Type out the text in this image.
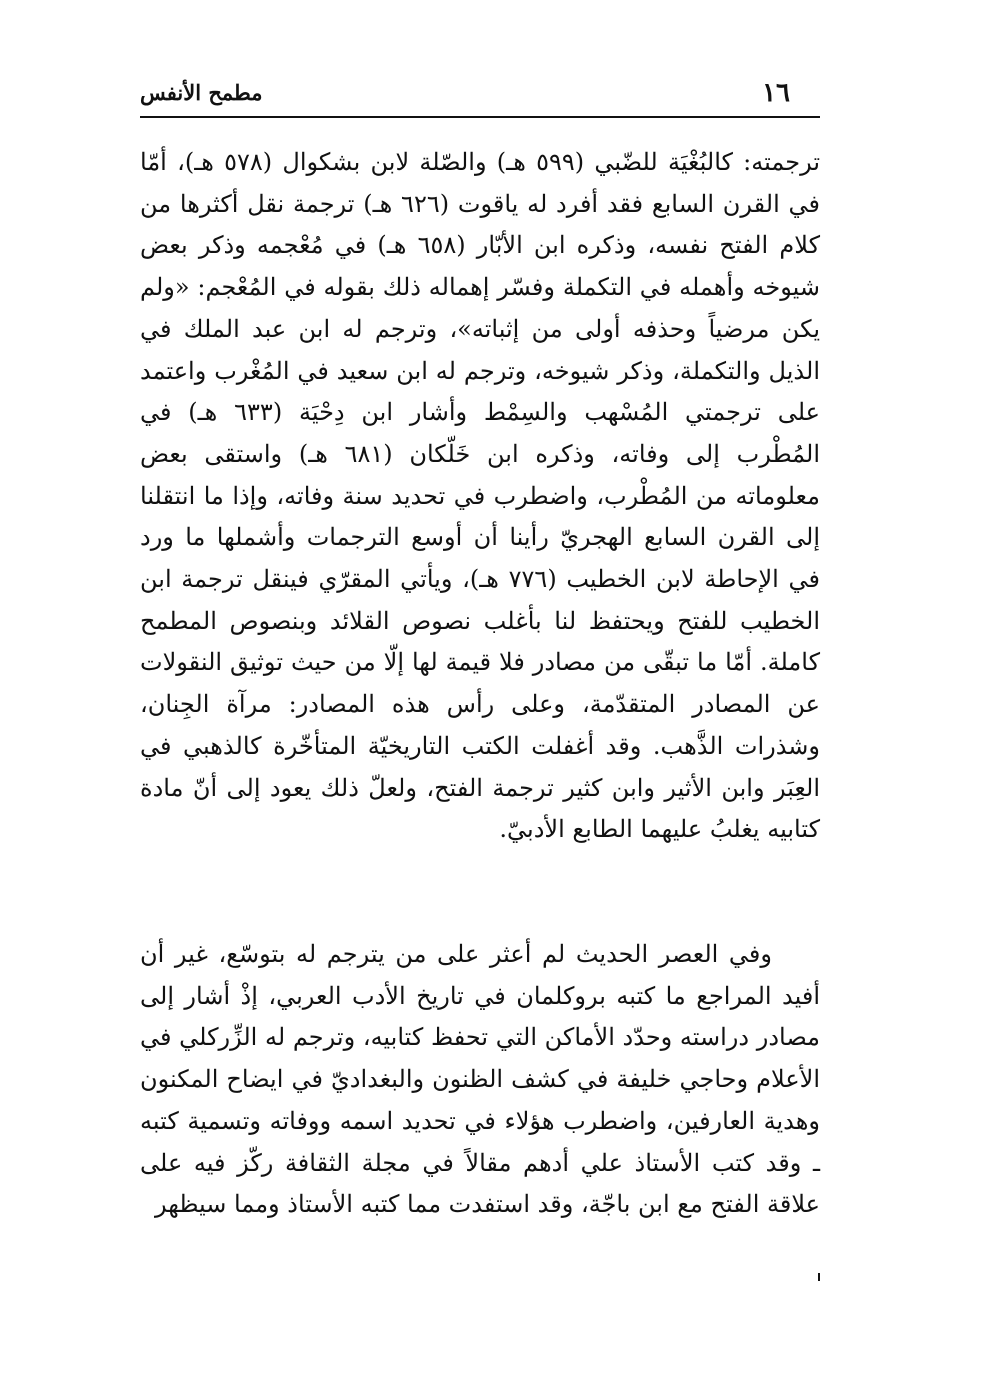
١٦
مطمح الأنفس

ترجمته: كالبُغْيَة للضّبي (٥٩٩ هـ) والصّلة لابن بشكوال (٥٧٨ هـ)، أمّا في القرن السابع فقد أفرد له ياقوت (٦٢٦ هـ) ترجمة نقل أكثرها من كلام الفتح نفسه، وذكره ابن الأبّار (٦٥٨ هـ) في مُعْجمه وذكر بعض شيوخه وأهمله في التكملة وفسّر إهماله ذلك بقوله في المُعْجم: «ولم يكن مرضياً وحذفه أولى من إثباته»، وترجم له ابن عبد الملك في الذيل والتكملة، وذكر شيوخه، وترجم له ابن سعيد في المُغْرب واعتمد على ترجمتي المُسْهب والسِمْط وأشار ابن دِحْيَة (٦٣٣ هـ) في المُطْرب إلى وفاته، وذكره ابن خَلّكان (٦٨١ هـ) واستقى بعض معلوماته من المُطْرب، واضطرب في تحديد سنة وفاته، وإذا ما انتقلنا إلى القرن السابع الهجريّ رأينا أن أوسع الترجمات وأشملها ما ورد في الإحاطة لابن الخطيب (٧٧٦ هـ)، ويأتي المقرّي فينقل ترجمة ابن الخطيب للفتح ويحتفظ لنا بأغلب نصوص القلائد وبنصوص المطمح كاملة. أمّا ما تبقّى من مصادر فلا قيمة لها إلّا من حيث توثيق النقولات عن المصادر المتقدّمة، وعلى رأس هذه المصادر: مرآة الجِنان، وشذرات الذَّهب. وقد أغفلت الكتب التاريخيّة المتأخّرة كالذهبي في العِبَر وابن الأثير وابن كثير ترجمة الفتح، ولعلّ ذلك يعود إلى أنّ مادة كتابيه يغلبُ عليهما الطابع الأدبيّ.

وفي العصر الحديث لم أعثر على من يترجم له بتوسّع، غير أن أفيد المراجع ما كتبه بروكلمان في تاريخ الأدب العربي، إذْ أشار إلى مصادر دراسته وحدّد الأماكن التي تحفظ كتابيه، وترجم له الزِّركلي في الأعلام وحاجي خليفة في كشف الظنون والبغداديّ في ايضاح المكنون وهدية العارفين، واضطرب هؤلاء في تحديد اسمه ووفاته وتسمية كتبه ـ وقد كتب الأستاذ علي أدهم مقالاً في مجلة الثقافة ركّز فيه على علاقة الفتح مع ابن باجّة، وقد استفدت مما كتبه الأستاذ ومما سيظهر
